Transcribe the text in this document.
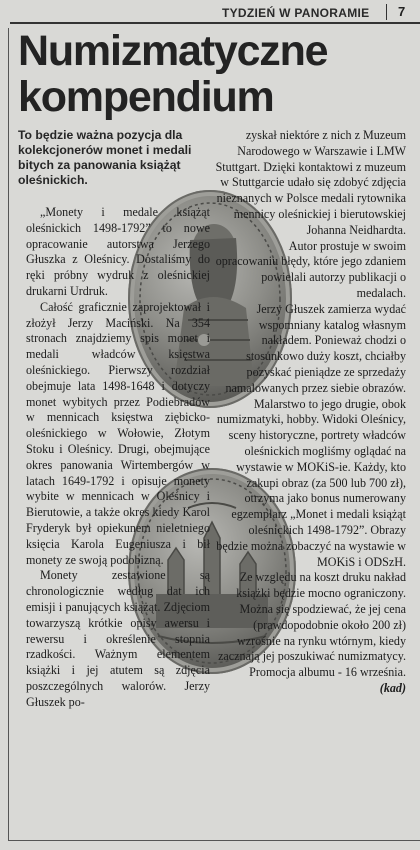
TYDZIEŃ W PANORAMIE 7
Numizmatyczne
kompendium

To będzie ważna pozycja dla kolekcjonerów monet i medali bitych za panowania książąt oleśnickich.

„Monety i medale książąt oleśnickich 1498-1792” to nowe opracowanie autorstwa Jerzego Głuszka z Oleśnicy. Dostaliśmy do ręki próbny wydruk z oleśnickiej drukarni Urdruk.

Całość graficznie zaprojektował i złożył Jerzy Maciński. Na 354 stronach znajdziemy spis monet i medali władców księstwa oleśnickiego. Pierwszy rozdział obejmuje lata 1498-1648 i dotyczy monet wybitych przez Podiebradów w mennicach księstwa ziębicko-oleśnickiego w Wołowie, Złotym Stoku i Oleśnicy. Drugi, obejmujące okres panowania Wirtembergów w latach 1649-1792 i opisuje monety wybite w mennicach w Oleśnicy i Bierutowie, a także okres kiedy Karol Fryderyk był opiekunem nieletniego księcia Karola Eugeniusza i bił monety ze swoją podobizną.

Monety zestawione są chronologicznie według dat ich emisji i panujących książąt. Zdjęciom towarzyszą krótkie opisy awersu i rewersu i określenie stopnia rzadkości. Ważnym elementem książki i jej atutem są zdjęcia poszczególnych walorów. Jerzy Głuszek po-

zyskał niektóre z nich z Muzeum Narodowego w Warszawie i LMW Stuttgart. Dzięki kontaktowi z muzeum w Stuttgarcie udało się zdobyć zdjęcia nieznanych w Polsce medali rytownika mennicy oleśnickiej i bierutowskiej Johanna Neidhardta.

Autor prostuje w swoim opracowaniu błędy, które jego zdaniem powielali autorzy publikacji o medalach.

Jerzy Głuszek zamierza wydać wspomniany katalog własnym nakładem. Ponieważ chodzi o stosunkowo duży koszt, chciałby pozyskać pieniądze ze sprzedaży namalowanych przez siebie obrazów. Malarstwo to jego drugie, obok numizmatyki, hobby. Widoki Oleśnicy, sceny historyczne, portrety władców oleśnickich mogliśmy oglądać na wystawie w MOKiS-ie. Każdy, kto zakupi obraz (za 500 lub 700 zł), otrzyma jako bonus numerowany egzemplarz „Monet i medali książąt oleśnickich 1498-1792”. Obrazy będzie można zobaczyć na wystawie w MOKiS i ODSzH.

Ze względu na koszt druku nakład książki będzie mocno ograniczony. Można się spodziewać, że jej cena (prawdopodobnie około 200 zł) wzrośnie na rynku wtórnym, kiedy zacznają jej poszukiwać numizmatycy. Promocja albumu - 16 września.

(kad)
